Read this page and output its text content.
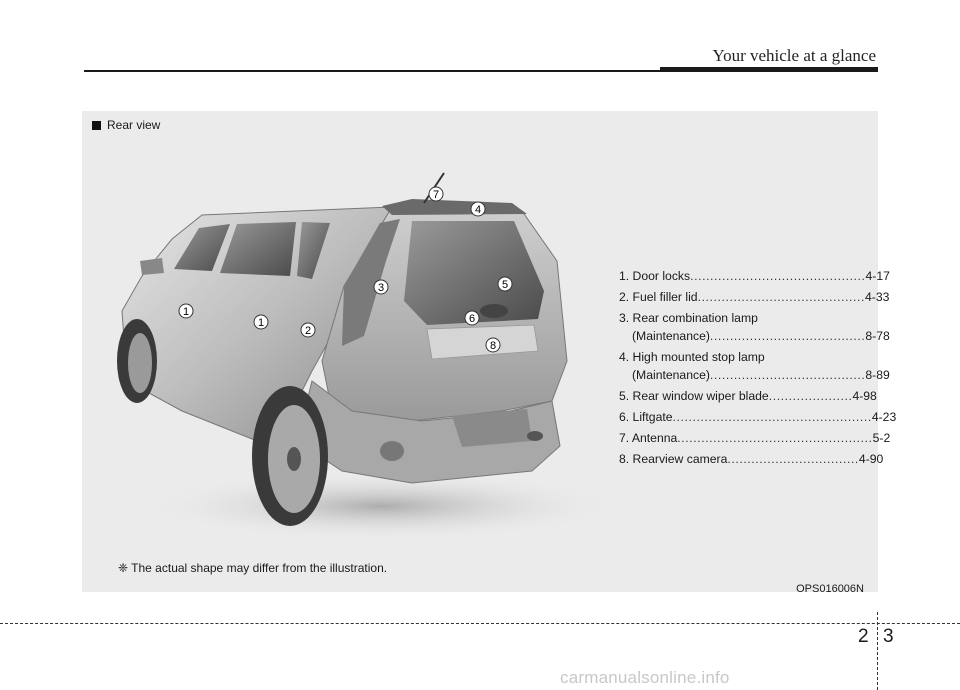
Your vehicle at a glance
Rear view
1
1
2
3
4
5
6
7
8
1. Door locks ............................................ 4-17
2. Fuel filler lid .......................................... 4-33
3. Rear combination lamp
(Maintenance) ....................................... 8-78
4. High mounted stop lamp
(Maintenance) ....................................... 8-89
5. Rear window wiper blade ..................... 4-98
6. Liftgate .................................................. 4-23
7. Antenna ................................................. 5-2
8. Rearview camera ................................. 4-90
❈ The actual shape may differ from the illustration.
OPS016006N
2 3
carmanualsonline.info
